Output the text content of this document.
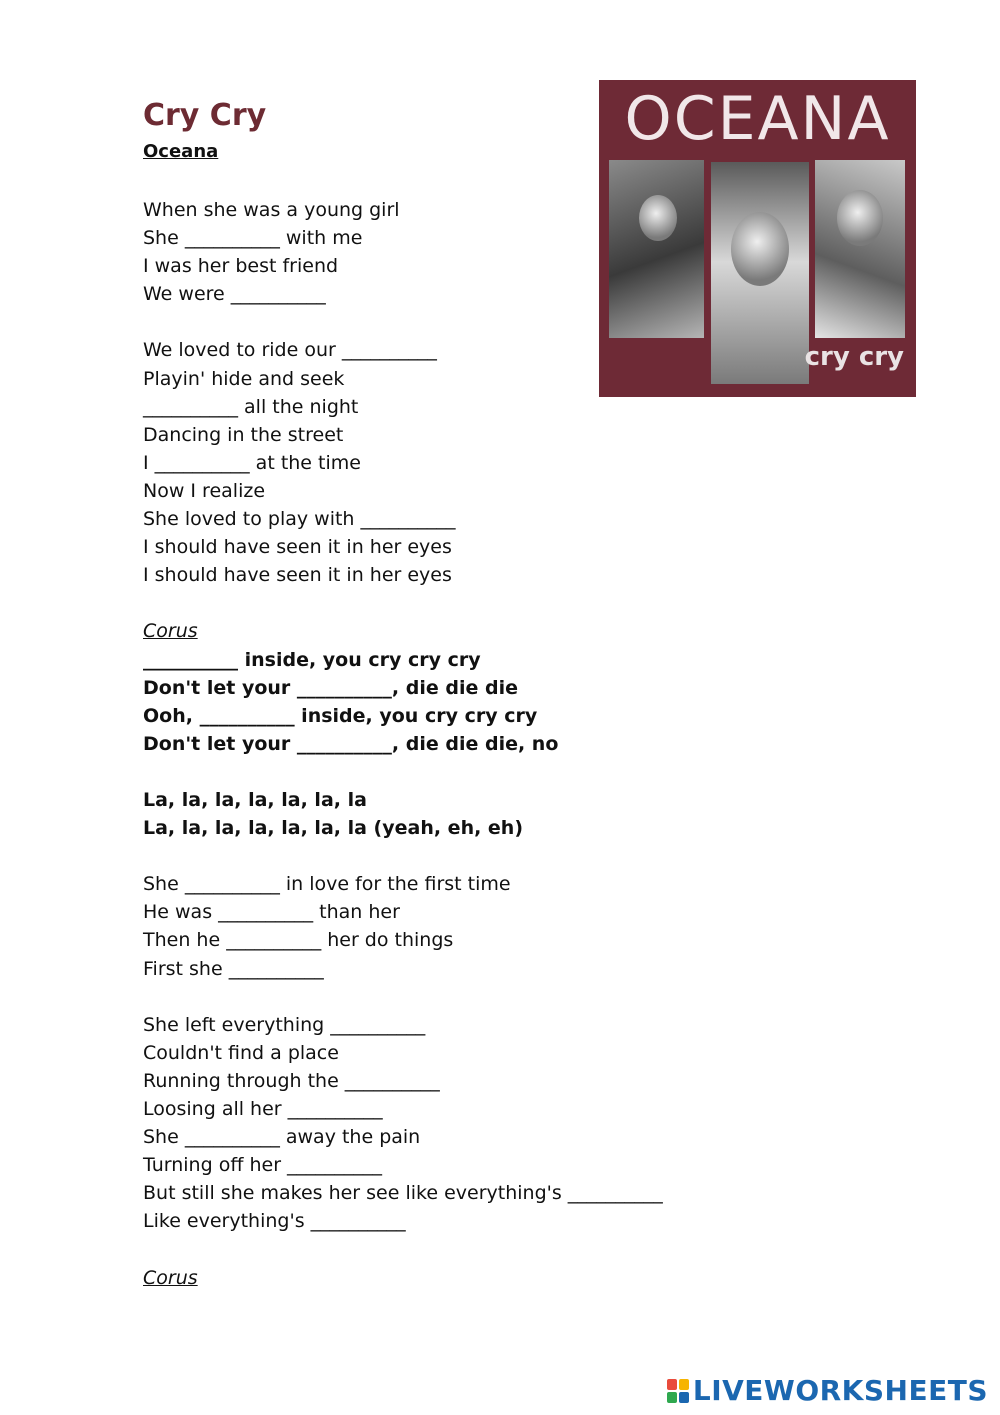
Cry Cry
Oceana
When she was a young girl
She __________ with me
I was her best friend
We were __________
We loved to ride our __________
Playin' hide and seek
__________ all the night
Dancing in the street
I __________ at the time
Now I realize
She loved to play with __________
I should have seen it in her eyes
I should have seen it in her eyes
Corus
__________ inside, you cry cry cry
Don't let your __________, die die die
Ooh, __________ inside, you cry cry cry
Don't let your __________, die die die, no
La, la, la, la, la, la, la
La, la, la, la, la, la, la (yeah, eh, eh)
She __________ in love for the first time
He was __________ than her
Then he __________ her do things
First she __________
She left everything __________
Couldn't find a place
Running through the __________
Loosing all her __________
She __________ away the pain
Turning off her __________
But still she makes her see like everything's __________
Like everything's __________
Corus
OCEANA
cry cry
LIVEWORKSHEETS
